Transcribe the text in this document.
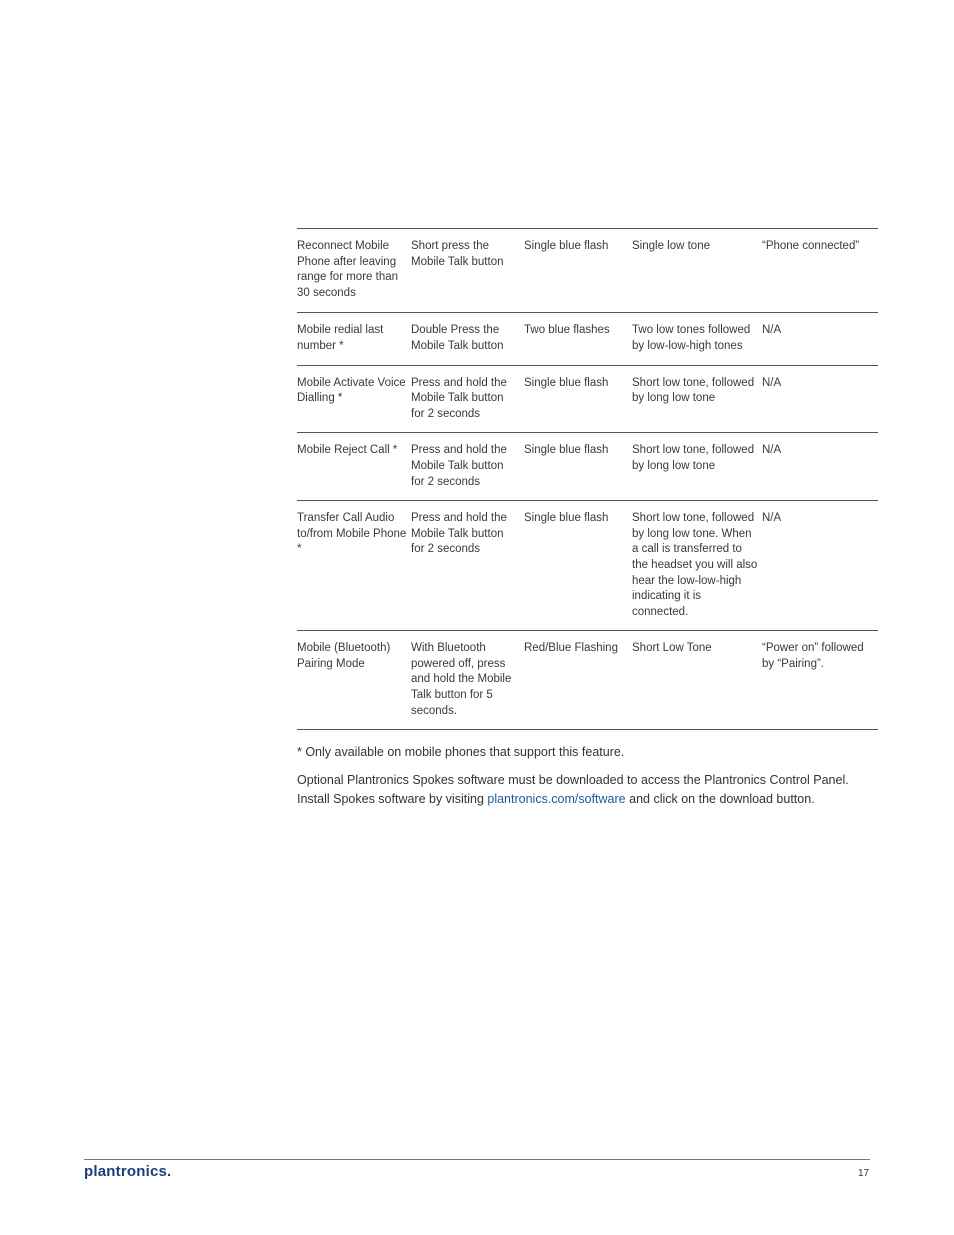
Reconnect Mobile Phone after leaving range for more than 30 seconds	Short press the Mobile Talk button	Single blue flash	Single low tone	“Phone connected”
Mobile redial last number *	Double Press the Mobile Talk button	Two blue flashes	Two low tones followed by low-low-high tones	N/A
Mobile Activate Voice Dialling *	Press and hold the Mobile Talk button for 2 seconds	Single blue flash	Short low tone, followed by long low tone	N/A
Mobile Reject Call *	Press and hold the Mobile Talk button for 2 seconds	Single blue flash	Short low tone, followed by long low tone	N/A
Transfer Call Audio to/from Mobile Phone *	Press and hold the Mobile Talk button for 2 seconds	Single blue flash	Short low tone, followed by long low tone. When a call is transferred to the headset you will also hear the low-low-high indicating it is connected.	N/A
Mobile (Bluetooth) Pairing Mode	With Bluetooth powered off, press and hold the Mobile Talk button for 5 seconds.	Red/Blue Flashing	Short Low Tone	“Power on” followed by “Pairing”.
* Only available on mobile phones that support this feature.
Optional Plantronics Spokes software must be downloaded to access the Plantronics Control Panel. Install Spokes software by visiting plantronics.com/software and click on the download button.
plantronics.	17
